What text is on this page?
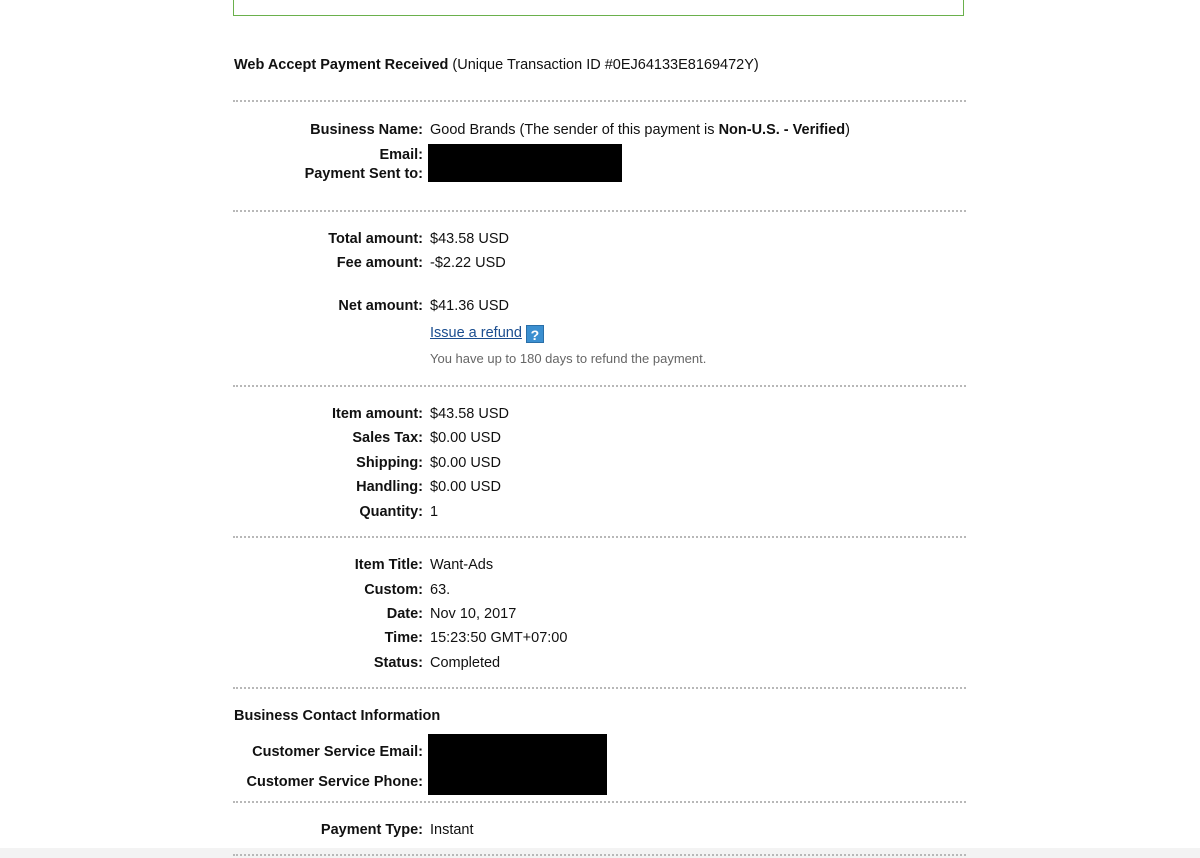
Web Accept Payment Received (Unique Transaction ID #0EJ64133E8169472Y)
Business Name: Good Brands (The sender of this payment is Non-U.S. - Verified)
Email:
Payment Sent to:
Total amount: $43.58 USD
Fee amount: -$2.22 USD
Net amount: $41.36 USD
Issue a refund ?
You have up to 180 days to refund the payment.
Item amount: $43.58 USD
Sales Tax: $0.00 USD
Shipping: $0.00 USD
Handling: $0.00 USD
Quantity: 1
Item Title: Want-Ads
Custom: 63.
Date: Nov 10, 2017
Time: 15:23:50 GMT+07:00
Status: Completed
Business Contact Information
Customer Service Email:
Customer Service Phone:
Payment Type: Instant
